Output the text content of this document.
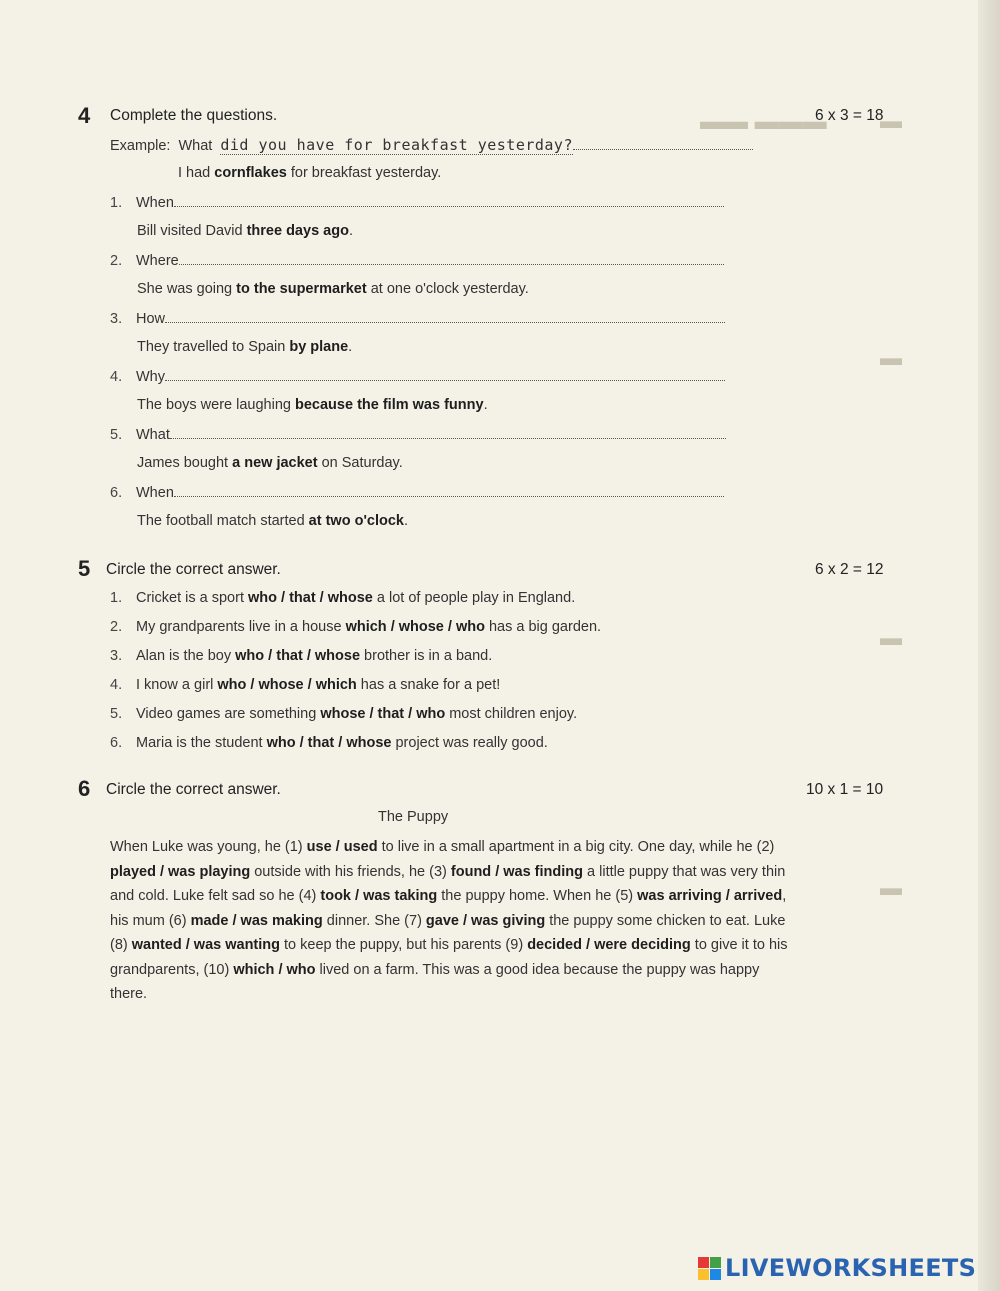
▬▬ ▬▬▬ ▬
▬
▬
▬
4 Complete the questions.	6 x 3 = 18
Example: What did you have for breakfast yesterday?
I had cornflakes for breakfast yesterday.
1. When
Bill visited David three days ago.
2. Where
She was going to the supermarket at one o'clock yesterday.
3. How
They travelled to Spain by plane.
4. Why
The boys were laughing because the film was funny.
5. What
James bought a new jacket on Saturday.
6. When
The football match started at two o'clock.
5 Circle the correct answer.	6 x 2 = 12
1. Cricket is a sport who / that / whose a lot of people play in England.
2. My grandparents live in a house which / whose / who has a big garden.
3. Alan is the boy who / that / whose brother is in a band.
4. I know a girl who / whose / which has a snake for a pet!
5. Video games are something whose / that / who most children enjoy.
6. Maria is the student who / that / whose project was really good.
6 Circle the correct answer.	10 x 1 = 10
The Puppy
When Luke was young, he (1) use / used to live in a small apartment in a big city. One day, while he (2) played / was playing outside with his friends, he (3) found / was finding a little puppy that was very thin and cold. Luke felt sad so he (4) took / was taking the puppy home. When he (5) was arriving / arrived, his mum (6) made / was making dinner. She (7) gave / was giving the puppy some chicken to eat. Luke (8) wanted / was wanting to keep the puppy, but his parents (9) decided / were deciding to give it to his grandparents, (10) which / who lived on a farm. This was a good idea because the puppy was happy there.
LIVEWORKSHEETS
